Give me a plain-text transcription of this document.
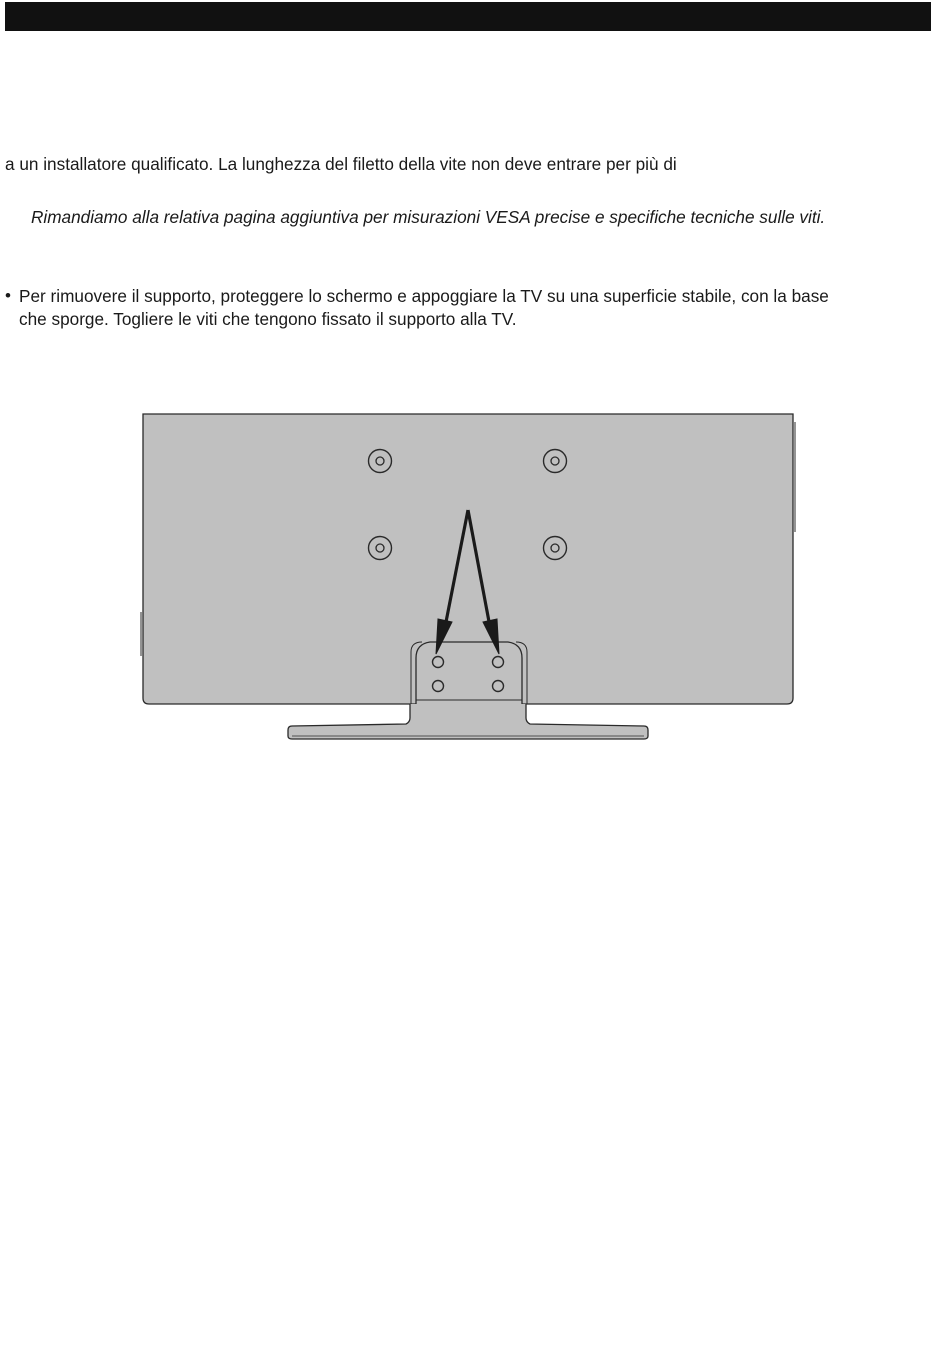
a un installatore qualificato. La lunghezza del filetto della vite non deve entrare per più di
Rimandiamo alla relativa pagina aggiuntiva per misurazioni VESA precise e specifiche tecniche sulle viti.
• Per rimuovere il supporto, proteggere lo schermo e appoggiare la TV su una superficie stabile, con la base
che sporge. Togliere le viti che tengono fissato il supporto alla TV.
